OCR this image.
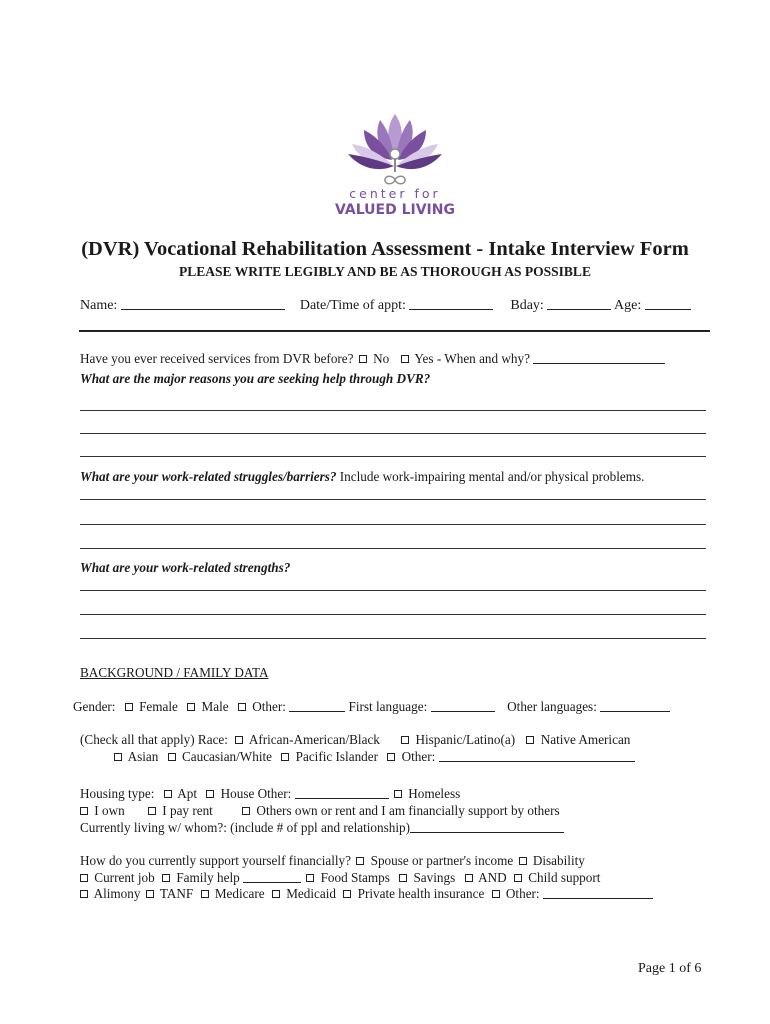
center for
VALUED LIVING
(DVR) Vocational Rehabilitation Assessment - Intake Interview Form
PLEASE WRITE LEGIBLY AND BE AS THOROUGH AS POSSIBLE
Name:	Date/Time of appt:	Bday:	Age:
Have you ever received services from DVR before? No Yes - When and why?
What are the major reasons you are seeking help through DVR?
What are your work-related struggles/barriers? Include work-impairing mental and/or physical problems.
What are your work-related strengths?
BACKGROUND / FAMILY DATA
Gender: Female Male Other:	First language:	Other languages:
(Check all that apply) Race: African-American/Black	Hispanic/Latino(a) Native American
Asian Caucasian/White Pacific Islander Other:
Housing type: Apt House Other:	Homeless
I own	I pay rent	Others own or rent and I am financially support by others
Currently living w/ whom?: (include # of ppl and relationship)
How do you currently support yourself financially? Spouse or partner's income Disability
Current job Family help	Food Stamps Savings AND Child support
Alimony TANF Medicare Medicaid Private health insurance Other:
Page 1 of 6
